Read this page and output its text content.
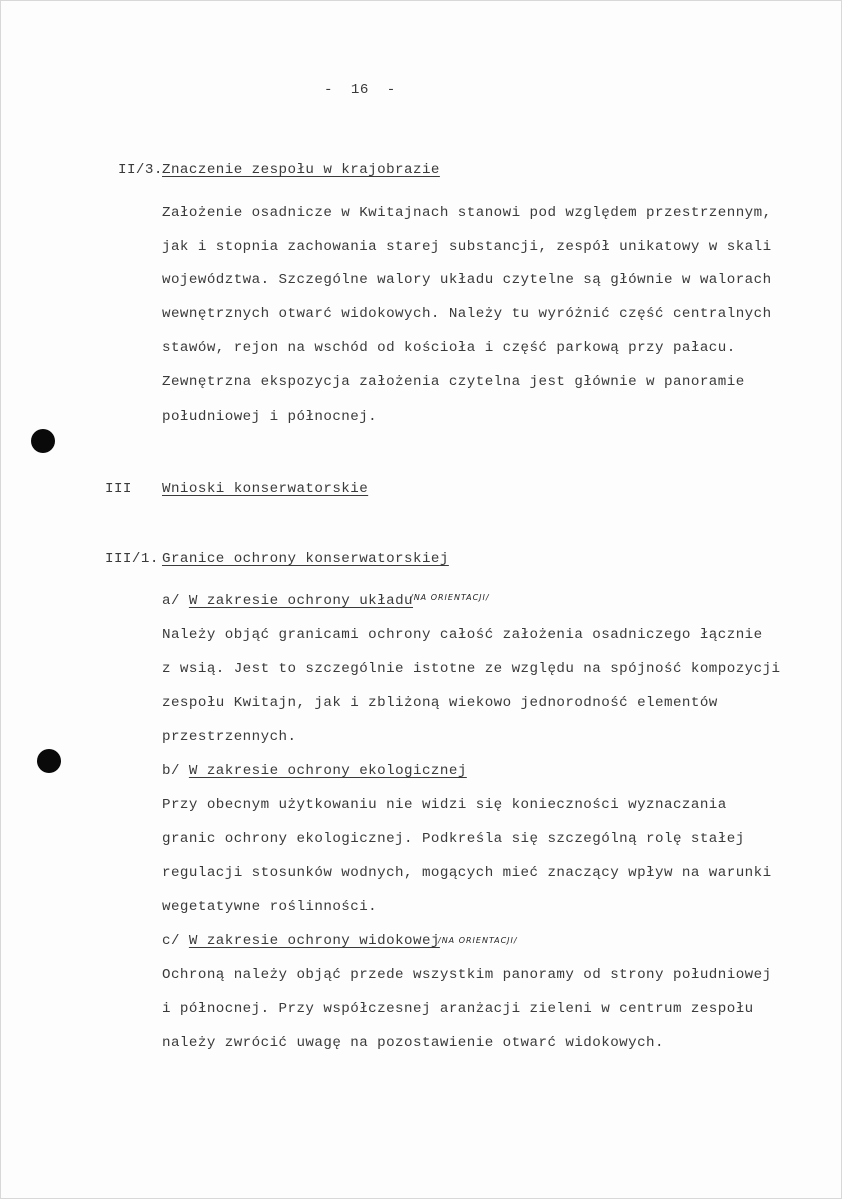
-  16  -
II/3. Znaczenie zespołu w krajobrazie
Założenie osadnicze w Kwitajnach stanowi pod względem przestrzennym,
jak i stopnia zachowania starej substancji, zespół unikatowy w skali
województwa. Szczególne walory układu czytelne są głównie w walorach
wewnętrznych otwarć widokowych. Należy tu wyróżnić część centralnych
stawów, rejon na wschód od kościoła i część parkową przy pałacu.
Zewnętrzna ekspozycja założenia czytelna jest głównie w panoramie
południowej i północnej.
III Wnioski konserwatorskie
III/1. Granice ochrony konserwatorskiej
a/ W zakresie ochrony układu
/NA ORIENTACJI/
Należy objąć granicami ochrony całość założenia osadniczego łącznie
z wsią. Jest to szczególnie istotne ze względu na spójność kompozycji
zespołu Kwitajn, jak i zbliżoną wiekowo jednorodność elementów
przestrzennych.
b/ W zakresie ochrony ekologicznej
Przy obecnym użytkowaniu nie widzi się konieczności wyznaczania
granic ochrony ekologicznej. Podkreśla się szczególną rolę stałej
regulacji stosunków wodnych, mogących mieć znaczący wpływ na warunki
wegetatywne roślinności.
c/ W zakresie ochrony widokowej
/NA ORIENTACJI/
Ochroną należy objąć przede wszystkim panoramy od strony południowej
i północnej. Przy współczesnej aranżacji zieleni w centrum zespołu
należy zwrócić uwagę na pozostawienie otwarć widokowych.
